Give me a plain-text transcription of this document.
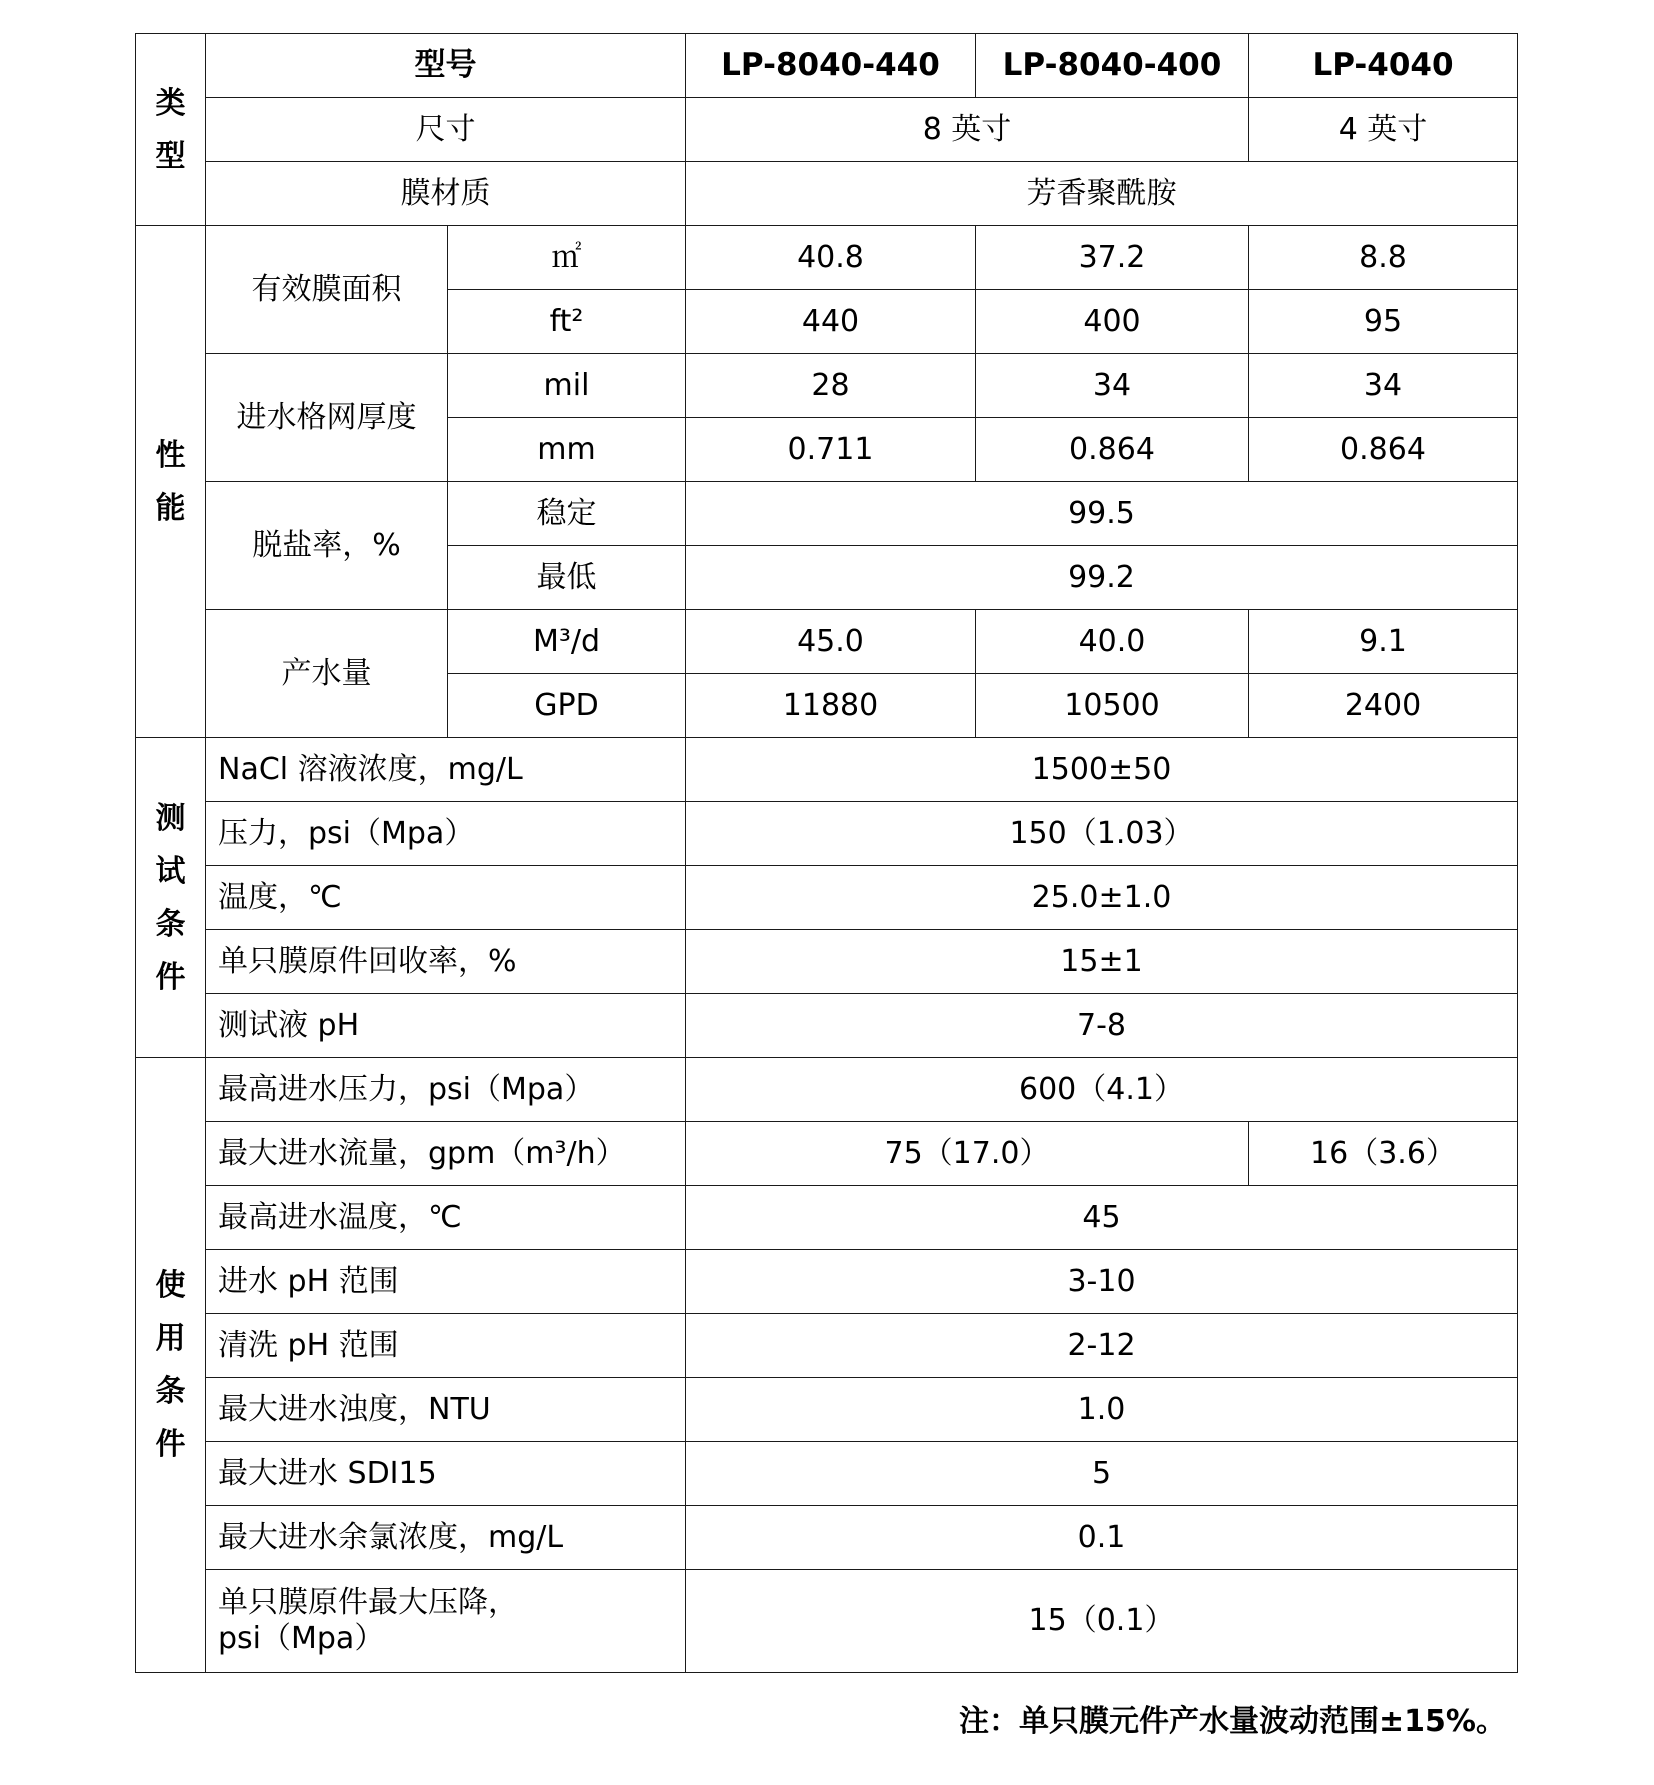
类型	型号		LP-8040-440	LP-8040-400	LP-4040
	尺寸		8 英寸		4 英寸
	膜材质		芳香聚酰胺		
性能	有效膜面积	㎡	40.8	37.2	8.8
		ft²	440	400	95
	进水格网厚度	mil	28	34	34
		mm	0.711	0.864	0.864
	脱盐率，%	稳定	99.5		
		最低	99.2		
	产水量	M³/d	45.0	40.0	9.1
		GPD	11880	10500	2400
测试条件	NaCl 溶液浓度，mg/L		1500±50		
	压力，psi（Mpa）		150（1.03）		
	温度，℃		25.0±1.0		
	单只膜原件回收率，%		15±1		
	测试液 pH		7-8		
使用条件	最高进水压力，psi（Mpa）		600（4.1）		
	最大进水流量，gpm（m³/h）		75（17.0）		16（3.6）
	最高进水温度，℃		45		
	进水 pH 范围		3-10		
	清洗 pH 范围		2-12		
	最大进水浊度，NTU		1.0		
	最大进水 SDI15		5		
	最大进水余氯浓度，mg/L		0.1		
	单只膜原件最大压降，
psi（Mpa）		15（0.1）		
注：单只膜元件产水量波动范围±15%。
